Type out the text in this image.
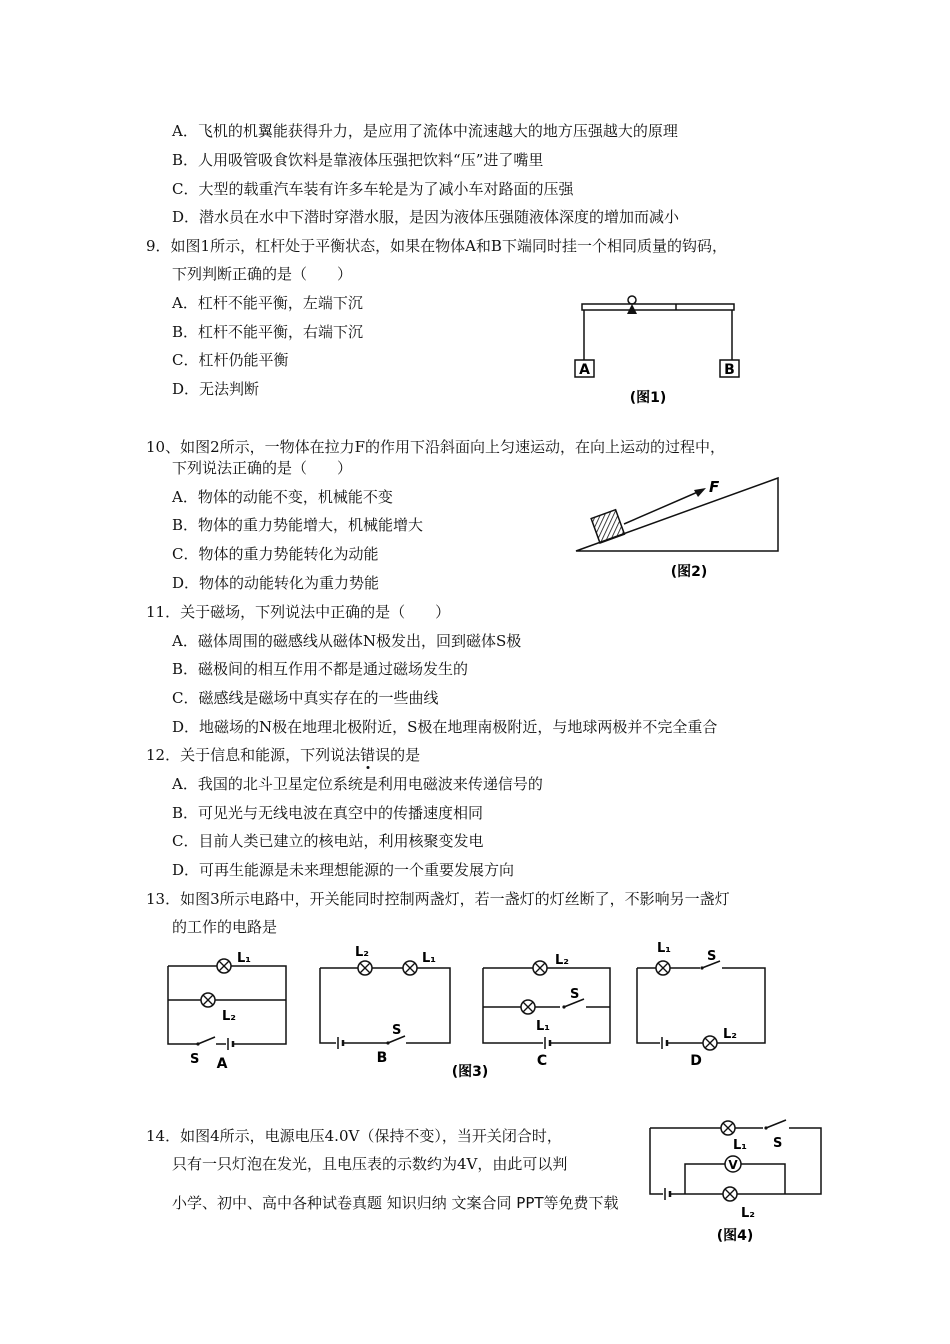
A．飞机的机翼能获得升力，是应用了流体中流速越大的地方压强越大的原理
B．人用吸管吸食饮料是靠液体压强把饮料“压”进了嘴里
C．大型的载重汽车装有许多车轮是为了减小车对路面的压强
D．潜水员在水中下潜时穿潜水服，是因为液体压强随液体深度的增加而减小
9．如图1所示，杠杆处于平衡状态，如果在物体A和B下端同时挂一个相同质量的钩码，
下列判断正确的是（　　）
A．杠杆不能平衡，左端下沉
B．杠杆不能平衡，右端下沉
C．杠杆仍能平衡
D．无法判断
A	B
(图1)
10、如图2所示，一物体在拉力F的作用下沿斜面向上匀速运动，在向上运动的过程中，
下列说法正确的是（　　）
A．物体的动能不变，机械能不变
B．物体的重力势能增大，机械能增大
C．物体的重力势能转化为动能
D．物体的动能转化为重力势能
F
(图2)
11．关于磁场，下列说法中正确的是（　　）
A．磁体周围的磁感线从磁体N极发出，回到磁体S极
B．磁极间的相互作用不都是通过磁场发生的
C．磁感线是磁场中真实存在的一些曲线
D．地磁场的N极在地理北极附近，S极在地理南极附近，与地球两极并不完全重合
12．关于信息和能源，下列说法错误的是
A．我国的北斗卫星定位系统是利用电磁波来传递信号的
B．可见光与无线电波在真空中的传播速度相同
C．目前人类已建立的核电站，利用核聚变发电
D．可再生能源是未来理想能源的一个重要发展方向
13．如图3所示电路中，开关能同时控制两盏灯，若一盏灯的灯丝断了，不影响另一盏灯
的工作的电路是
L₁
L₂
S A
L₂	L₁
S
B
L₂
L₁
S
C
L₁
S
L₂
D
(图3)
14．如图4所示，电源电压4.0V（保持不变），当开关闭合时，
只有一只灯泡在发光，且电压表的示数约为4V，由此可以判	V
L₁ S
L₂
(图4)
小学、初中、高中各种试卷真题 知识归纳 文案合同 PPT等免费下载
